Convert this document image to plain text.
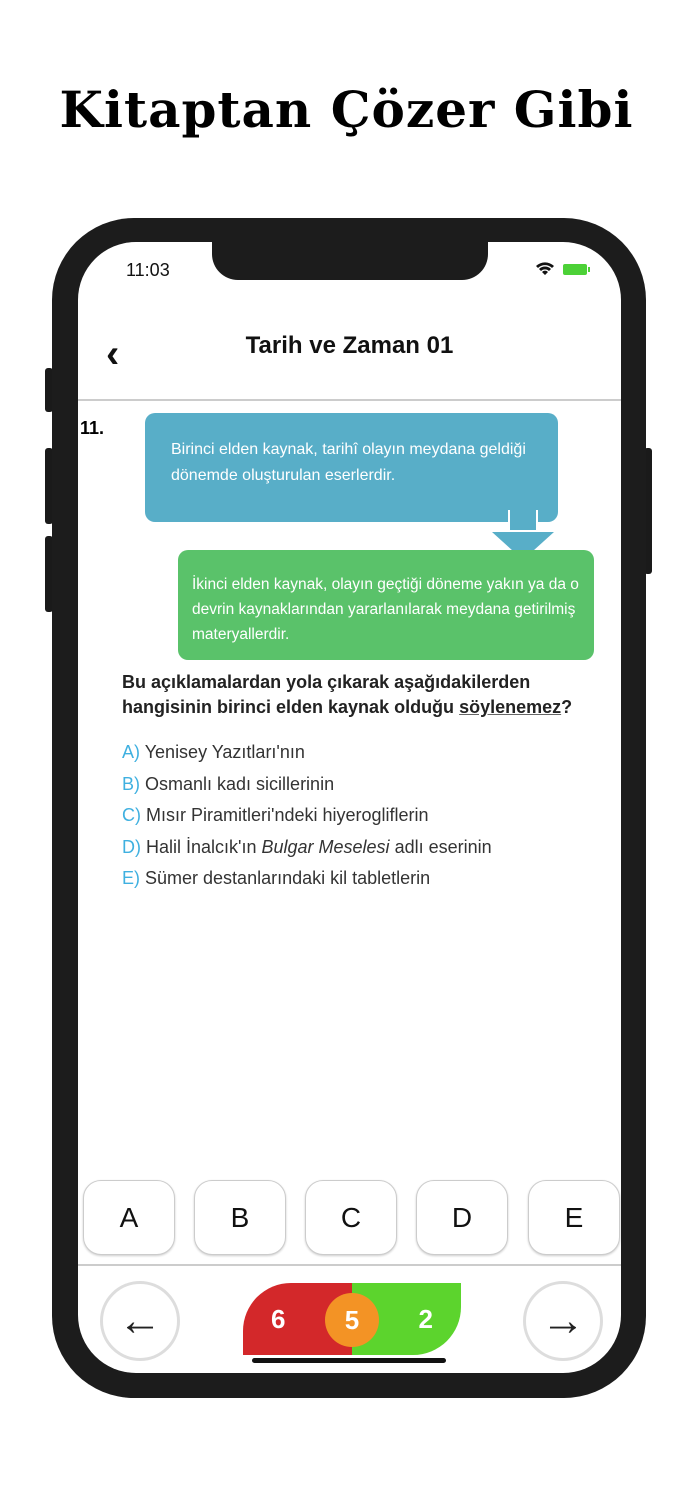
Kitaptan Çözer Gibi
11:03
‹	Tarih ve Zaman 01
11.
Birinci elden kaynak, tarihî olayın meydana geldiği dönemde oluşturulan eserlerdir.
İkinci elden kaynak, olayın geçtiği döneme yakın ya da o devrin kaynaklarından yararlanılarak meydana getirilmiş materyallerdir.
Bu açıklamalardan yola çıkarak aşağıdakilerden hangisinin birinci elden kaynak olduğu söylenemez?
A) Yenisey Yazıtları'nın
B) Osmanlı kadı sicillerinin
C) Mısır Piramitleri'ndeki hiyerogliflerin
D) Halil İnalcık'ın Bulgar Meselesi adlı eserinin
E) Sümer destanlarındaki kil tabletlerin
A	B	C	D	E
←	6	2
5	→
